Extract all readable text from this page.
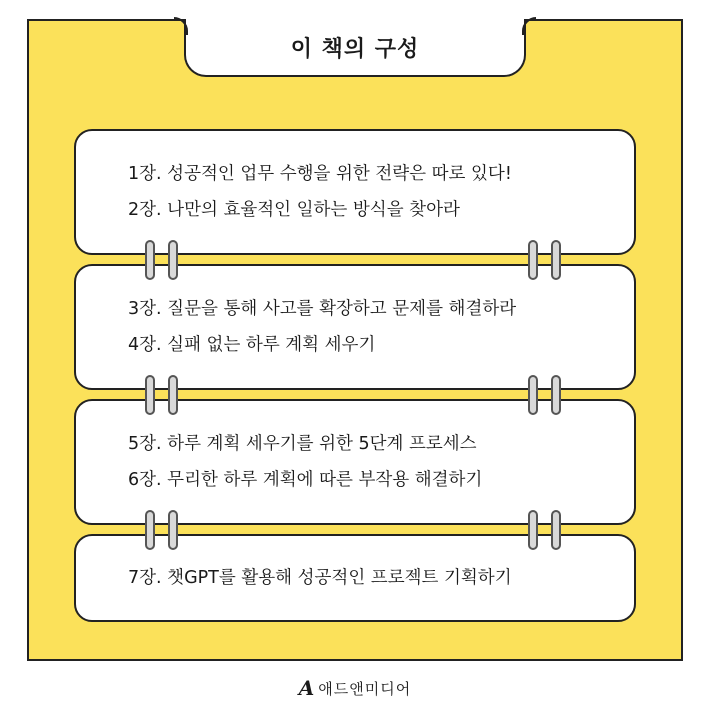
이 책의 구성
1장. 성공적인 업무 수행을 위한 전략은 따로 있다!
2장. 나만의 효율적인 일하는 방식을 찾아라
3장. 질문을 통해 사고를 확장하고 문제를 해결하라
4장. 실패 없는 하루 계획 세우기
5장. 하루 계획 세우기를 위한 5단계 프로세스
6장. 무리한 하루 계획에 따른 부작용 해결하기
7장. 챗GPT를 활용해 성공적인 프로젝트 기획하기
A 애드앤미디어
